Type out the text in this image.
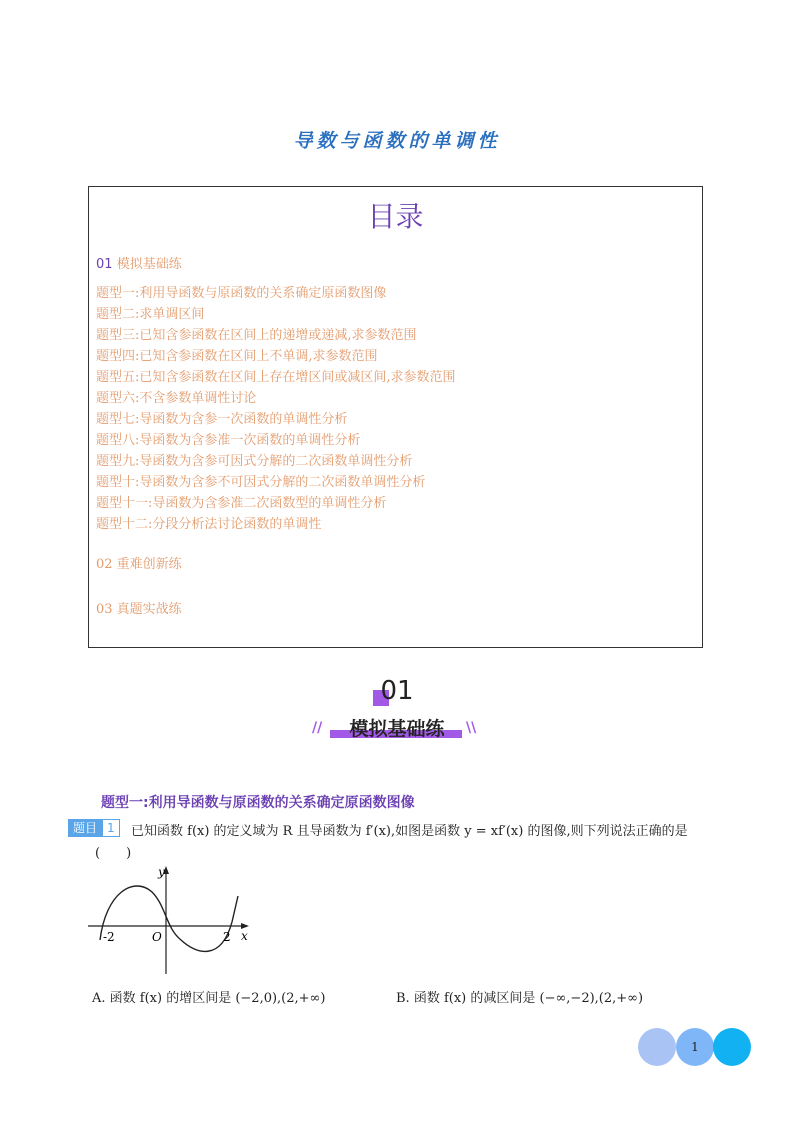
导数与函数的单调性
目录
01 模拟基础练
题型一:利用导函数与原函数的关系确定原函数图像
题型二:求单调区间
题型三:已知含参函数在区间上的递增或递减,求参数范围
题型四:已知含参函数在区间上不单调,求参数范围
题型五:已知含参函数在区间上存在增区间或减区间,求参数范围
题型六:不含参数单调性讨论
题型七:导函数为含参一次函数的单调性分析
题型八:导函数为含参准一次函数的单调性分析
题型九:导函数为含参可因式分解的二次函数单调性分析
题型十:导函数为含参不可因式分解的二次函数单调性分析
题型十一:导函数为含参准二次函数型的单调性分析
题型十二:分段分析法讨论函数的单调性
02 重难创新练
03 真题实战练
01
//	模拟基础练	\\
题型一:利用导函数与原函数的关系确定原函数图像
题目 1	已知函数 f(x) 的定义域为 R 且导函数为 f′(x),如图是函数 y = xf′(x) 的图像,则下列说法正确的是
(　　)
y
x
-2	O	2
A. 函数 f(x) 的增区间是 (−2,0),(2,+∞)	B. 函数 f(x) 的减区间是 (−∞,−2),(2,+∞)
1
